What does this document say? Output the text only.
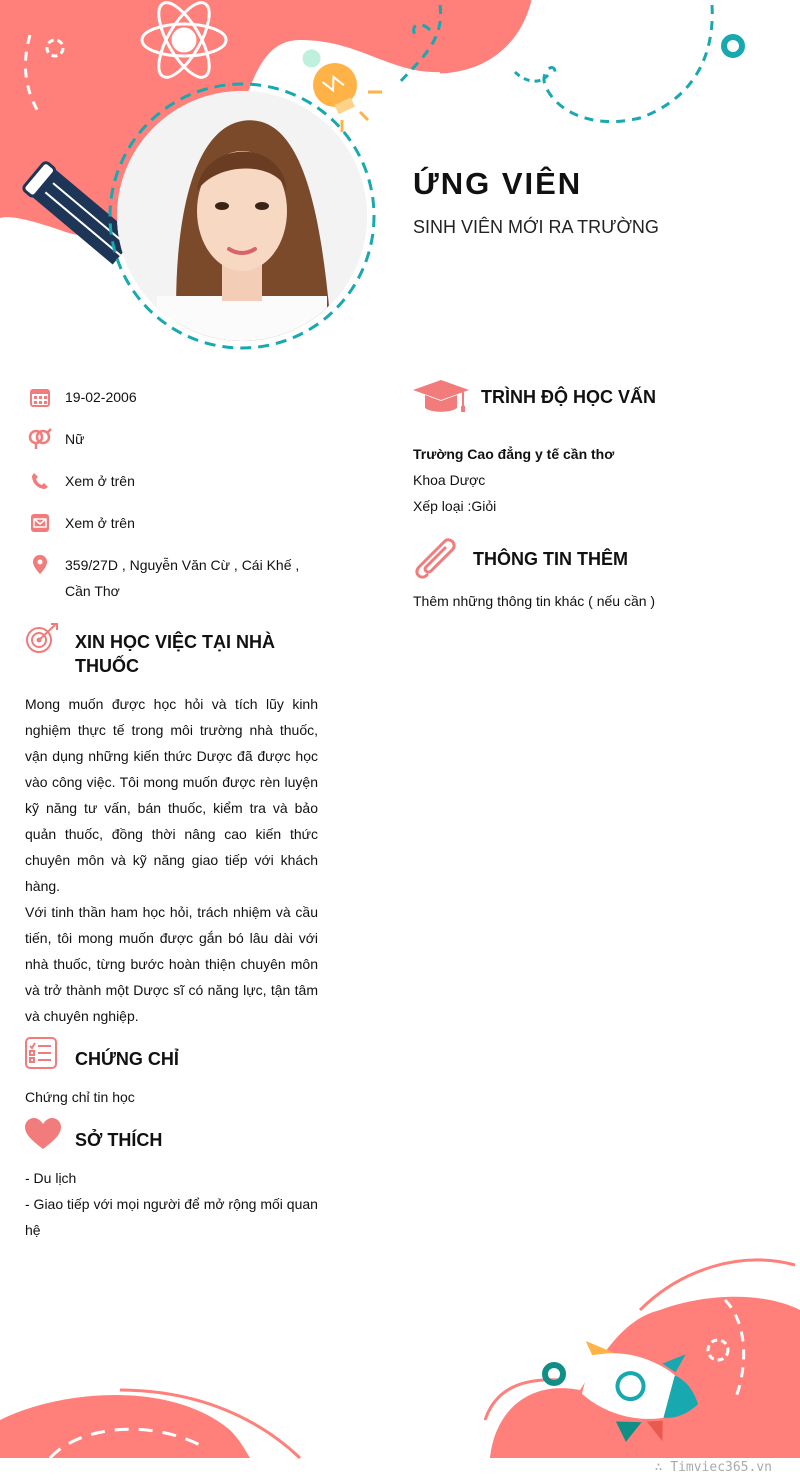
ỨNG VIÊN
SINH VIÊN MỚI RA TRƯỜNG
19-02-2006
Nữ
Xem ở trên
Xem ở trên
359/27D , Nguyễn Văn Cừ , Cái Khế , Cần Thơ
XIN HỌC VIỆC TẠI NHÀ THUỐC

Mong muốn được học hỏi và tích lũy kinh nghiệm thực tế trong môi trường nhà thuốc, vận dụng những kiến thức Dược đã được học vào công việc. Tôi mong muốn được rèn luyện kỹ năng tư vấn, bán thuốc, kiểm tra và bảo quản thuốc, đồng thời nâng cao kiến thức chuyên môn và kỹ năng giao tiếp với khách hàng.

Với tinh thần ham học hỏi, trách nhiệm và cầu tiến, tôi mong muốn được gắn bó lâu dài với nhà thuốc, từng bước hoàn thiện chuyên môn và trở thành một Dược sĩ có năng lực, tận tâm và chuyên nghiệp.

CHỨNG CHỈ
Chứng chỉ tin học
SỞ THÍCH

- Du lịch

- Giao tiếp với mọi người để mở rộng mối quan hệ

TRÌNH ĐỘ HỌC VẤN

Trường Cao đẳng y tế cần thơ

Khoa Dược

Xếp loại :Giỏi

THÔNG TIN THÊM
Thêm những thông tin khác ( nếu cần )
∴ Timviec365.vn
